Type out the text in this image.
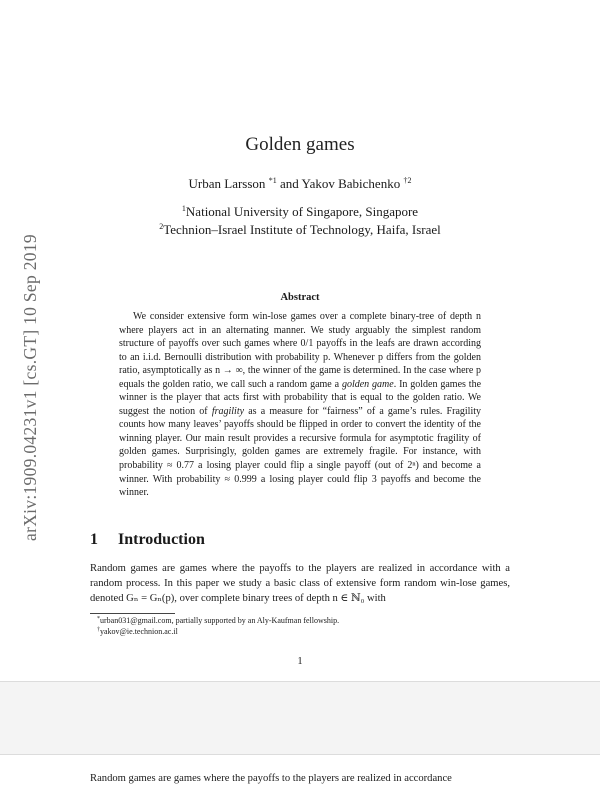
arXiv:1909.04231v1 [cs.GT] 10 Sep 2019
Golden games
Urban Larsson $^{*1}$ and Yakov Babichenko $^{\dagger 2}$
$^1$National University of Singapore, Singapore
$^2$Technion–Israel Institute of Technology, Haifa, Israel
Abstract

We consider extensive form win-lose games over a complete binary-tree of depth n where players act in an alternating manner. We study arguably the simplest random structure of payoffs over such games where 0/1 payoffs in the leafs are drawn according to an i.i.d. Bernoulli distribution with probability p. Whenever p differs from the golden ratio, asymptotically as n → ∞, the winner of the game is determined. In the case where p equals the golden ratio, we call such a random game a golden game. In golden games the winner is the player that acts first with probability that is equal to the golden ratio. We suggest the notion of fragility as a measure for “fairness” of a game’s rules. Fragility counts how many leaves’ payoffs should be flipped in order to convert the identity of the winning player. Our main result provides a recursive formula for asymptotic fragility of golden games. Surprisingly, golden games are extremely fragile. For instance, with probability ≈ 0.77 a losing player could flip a single payoff (out of 2ⁿ) and become a winner. With probability ≈ 0.999 a losing player could flip 3 payoffs and become the winner.

1 Introduction

Random games are games where the payoffs to the players are realized in accordance with a random process. In this paper we study a basic class of extensive form random win-lose games, denoted Gₙ = Gₙ(p), over complete binary trees of depth n ∈ ℕ₀ with

*urban031@gmail.com, partially supported by an Aly-Kaufman fellowship.
†yakov@ie.technion.ac.il
1

Random games are games where the payoffs to the players are realized in accordance
